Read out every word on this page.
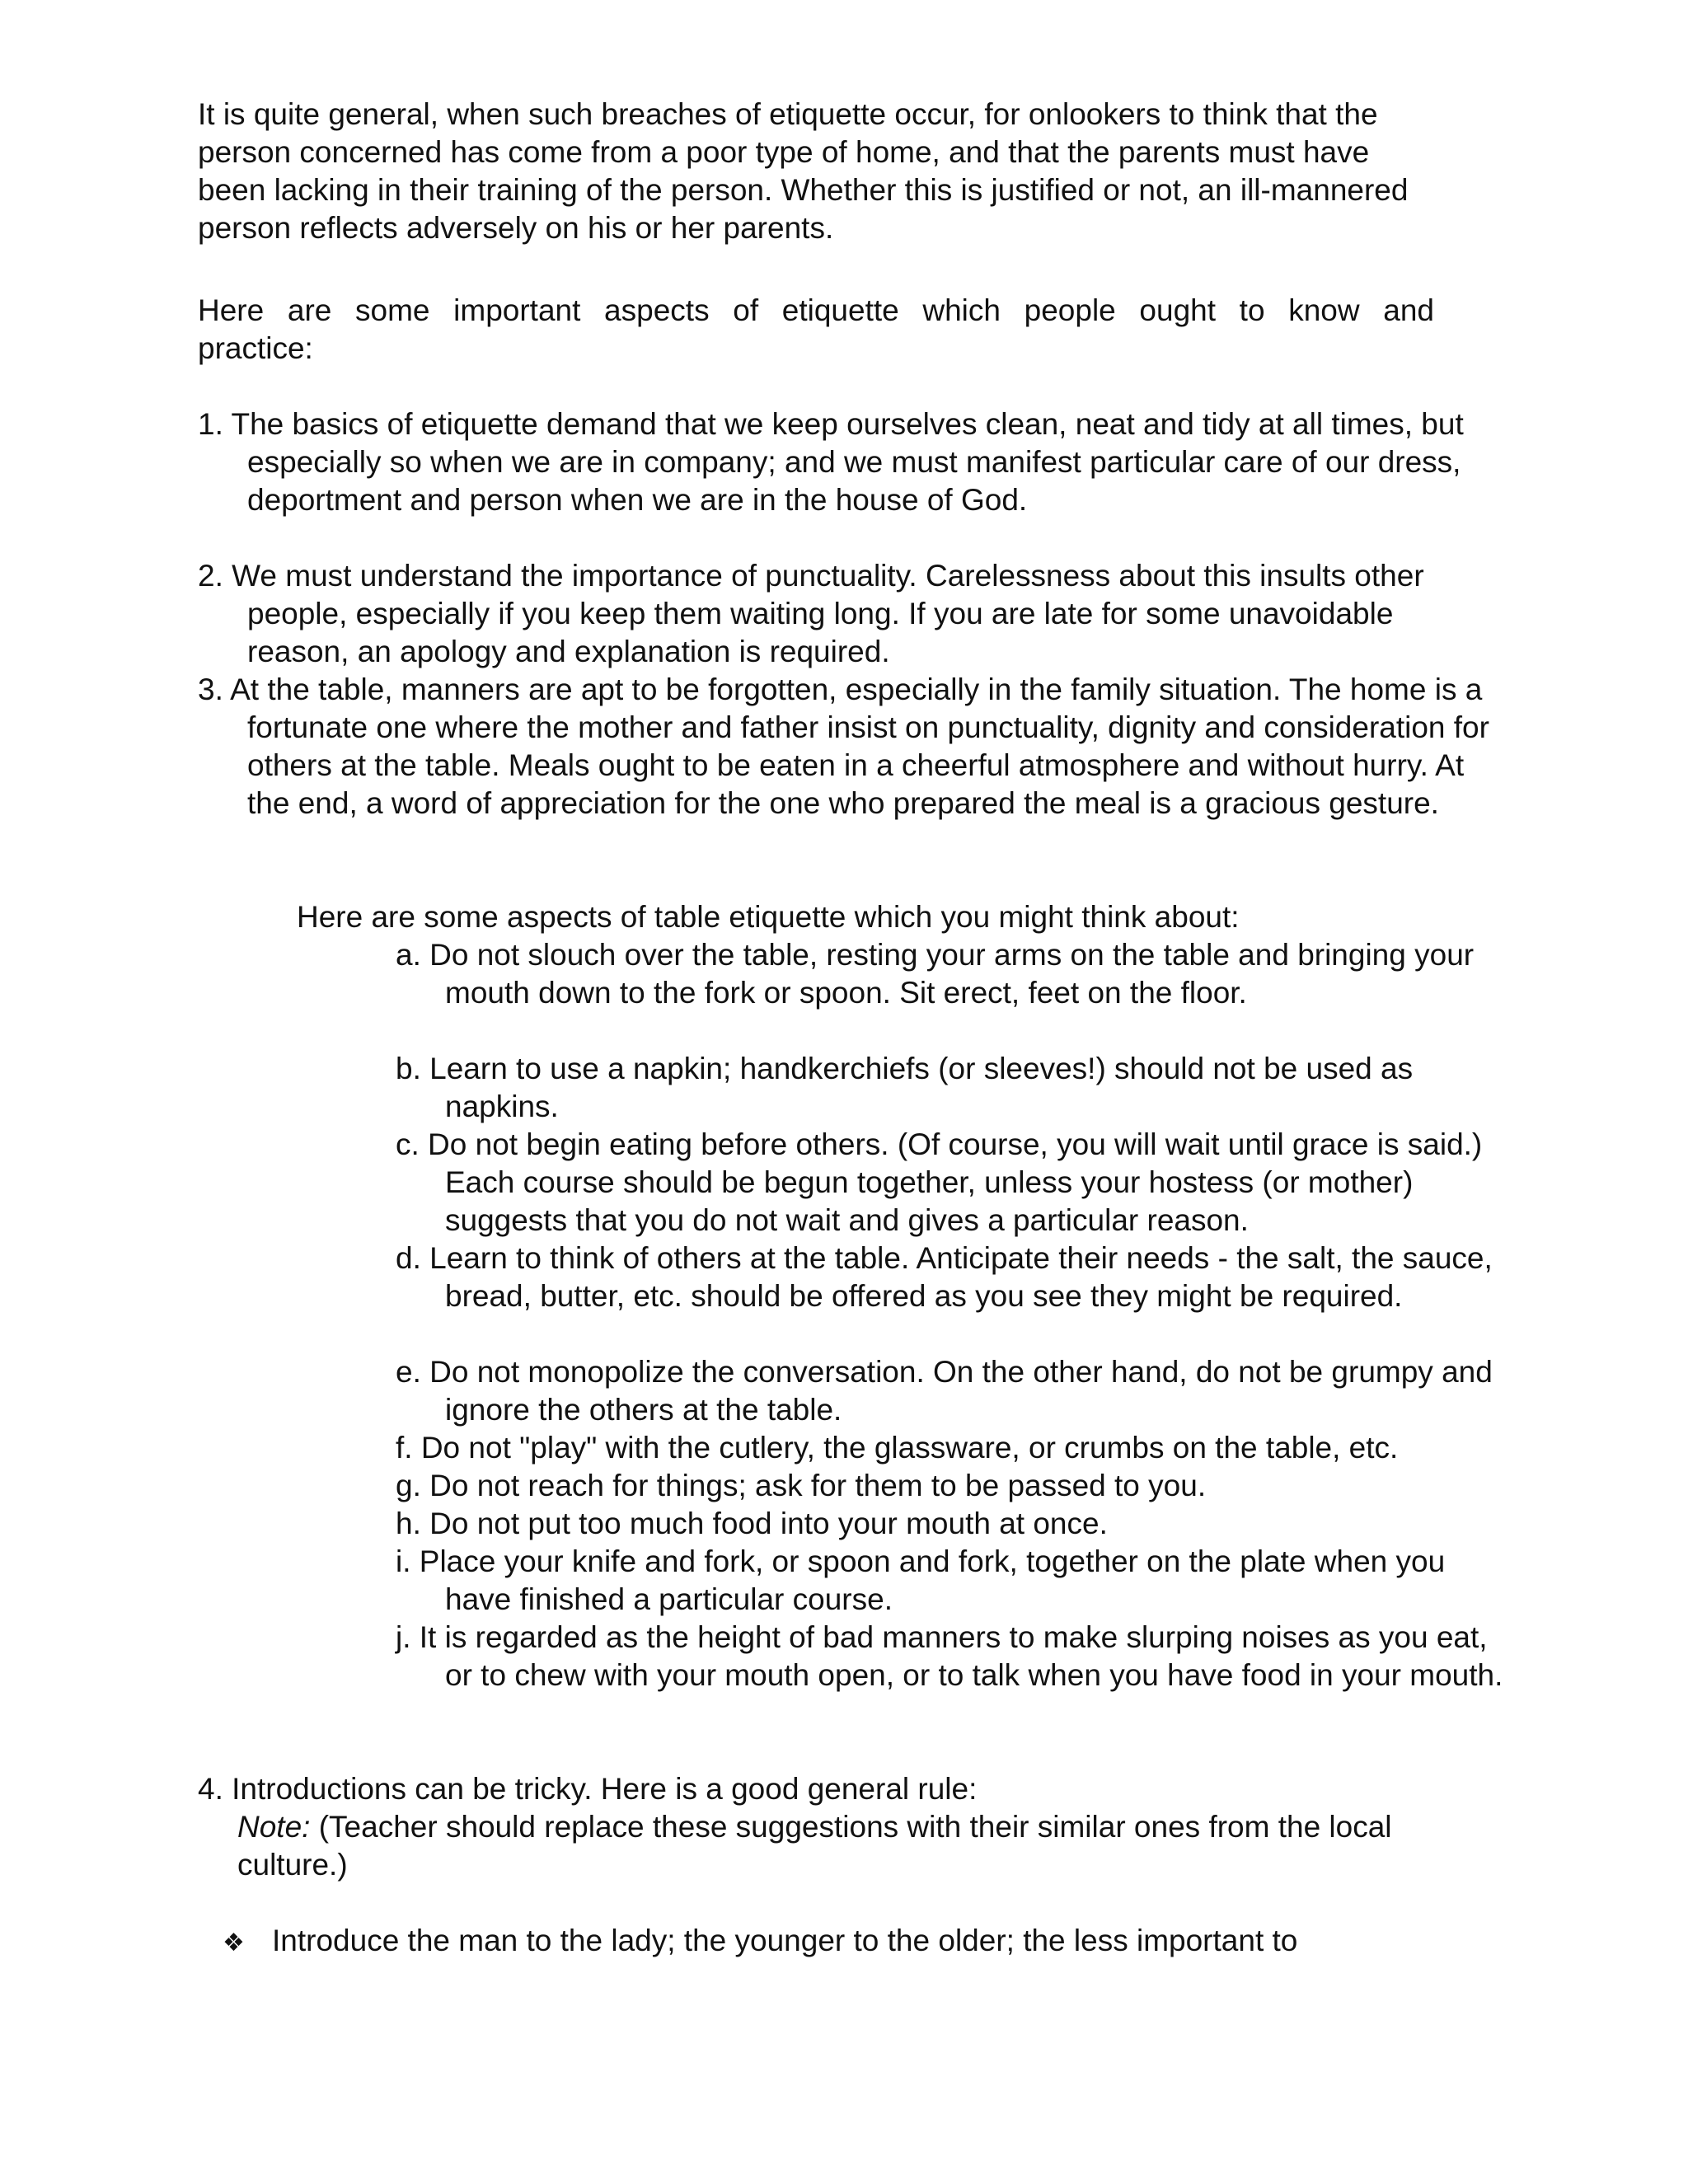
It is quite general, when such breaches of etiquette occur, for onlookers to think that the person concerned has come from a poor type of home, and that the parents must have been lacking in their training of the person. Whether this is justified or not, an ill-mannered person reflects adversely on his or her parents.

Here are some important aspects of etiquette which people ought to know and

practice:

1. The basics of etiquette demand that we keep ourselves clean, neat and tidy at all times, but especially so when we are in company; and we must manifest particular care of our dress, deportment and person when we are in the house of God.

2. We must understand the importance of punctuality. Carelessness about this insults other people, especially if you keep them waiting long. If you are late for some unavoidable reason, an apology and explanation is required.

3. At the table, manners are apt to be forgotten, especially in the family situation. The home is a fortunate one where the mother and father insist on punctuality, dignity and consideration for others at the table. Meals ought to be eaten in a cheerful atmosphere and without hurry. At the end, a word of appreciation for the one who prepared the meal is a gracious gesture.

Here are some aspects of table etiquette which you might think about:

a. Do not slouch over the table, resting your arms on the table and bringing your mouth down to the fork or spoon. Sit erect, feet on the floor.

b. Learn to use a napkin; handkerchiefs (or sleeves!) should not be used as napkins.

c. Do not begin eating before others. (Of course, you will wait until grace is said.) Each course should be begun together, unless your hostess (or mother) suggests that you do not wait and gives a particular reason.

d. Learn to think of others at the table. Anticipate their needs - the salt, the sauce, bread, butter, etc. should be offered as you see they might be required.

e. Do not monopolize the conversation. On the other hand, do not be grumpy and ignore the others at the table.

f. Do not "play" with the cutlery, the glassware, or crumbs on the table, etc.

g. Do not reach for things; ask for them to be passed to you.

h. Do not put too much food into your mouth at once.

i. Place your knife and fork, or spoon and fork, together on the plate when you have finished a particular course.

j. It is regarded as the height of bad manners to make slurping noises as you eat, or to chew with your mouth open, or to talk when you have food in your mouth.

4. Introductions can be tricky. Here is a good general rule:

Note: (Teacher should replace these suggestions with their similar ones from the local culture.)

❖ Introduce the man to the lady; the younger to the older; the less important to
